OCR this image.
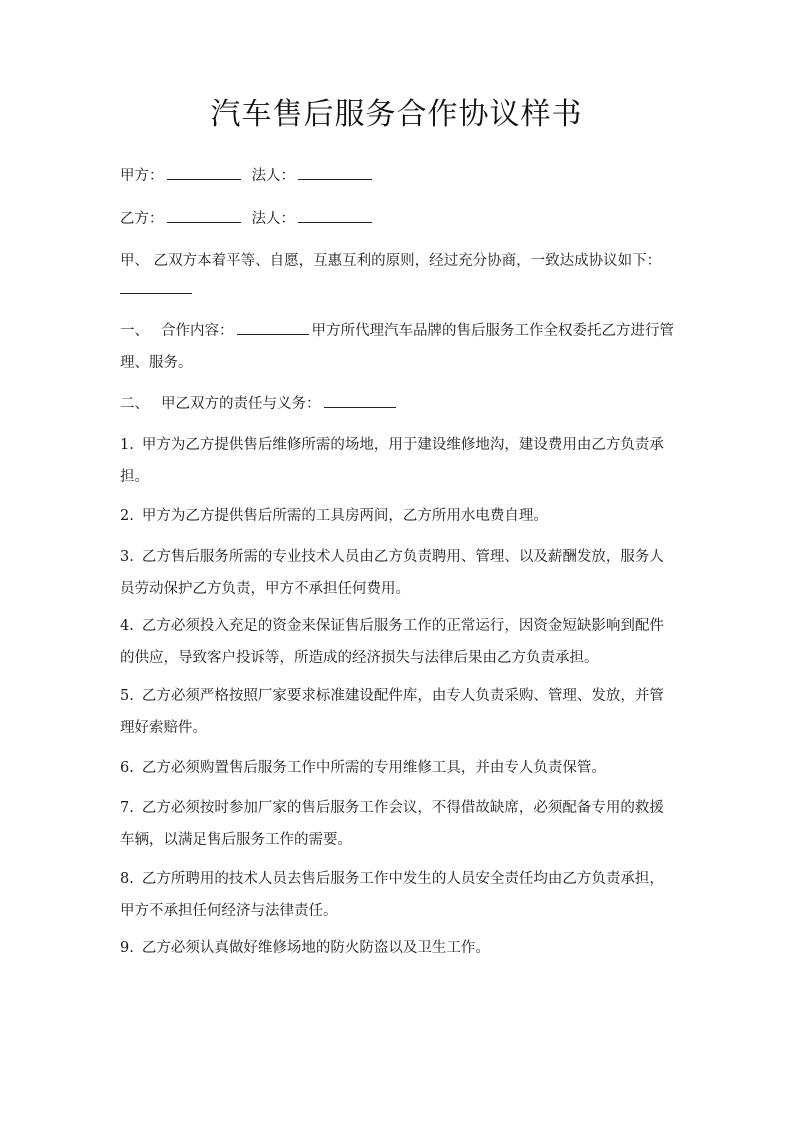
汽车售后服务合作协议样书
甲方：	法人：
乙方：	法人：
甲、 乙双方本着平等、自愿，互惠互利的原则，经过充分协商，一致达成协议如下：
一、 合作内容：	甲方所代理汽车品牌的售后服务工作全权委托乙方进行管理、服务。
二、 甲乙双方的责任与义务：
1. 甲方为乙方提供售后维修所需的场地，用于建设维修地沟，建设费用由乙方负责承担。
2. 甲方为乙方提供售后所需的工具房两间，乙方所用水电费自理。
3. 乙方售后服务所需的专业技术人员由乙方负责聘用、管理、以及薪酬发放，服务人员劳动保护乙方负责，甲方不承担任何费用。
4. 乙方必须投入充足的资金来保证售后服务工作的正常运行，因资金短缺影响到配件的供应，导致客户投诉等，所造成的经济损失与法律后果由乙方负责承担。
5. 乙方必须严格按照厂家要求标准建设配件库，由专人负责采购、管理、发放，并管理好索赔件。
6. 乙方必须购置售后服务工作中所需的专用维修工具，并由专人负责保管。
7. 乙方必须按时参加厂家的售后服务工作会议，不得借故缺席，必须配备专用的救援车辆，以满足售后服务工作的需要。
8. 乙方所聘用的技术人员去售后服务工作中发生的人员安全责任均由乙方负责承担，甲方不承担任何经济与法律责任。
9. 乙方必须认真做好维修场地的防火防盗以及卫生工作。
